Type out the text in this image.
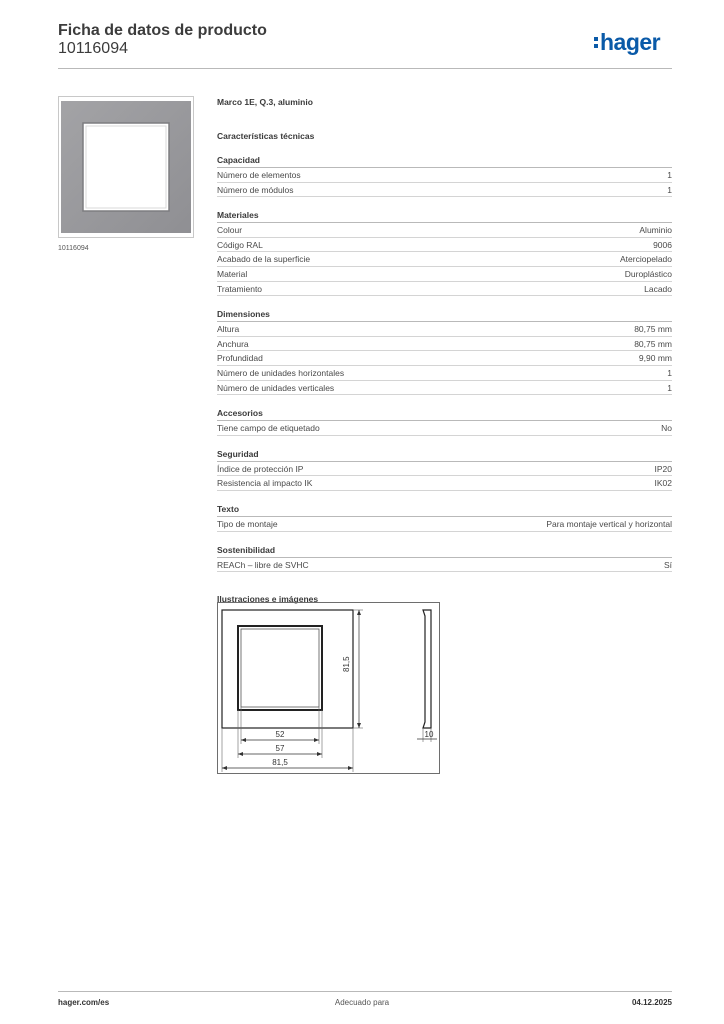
Ficha de datos de producto
10116094	hager
10116094
Marco 1E, Q.3, aluminio
Características técnicas
Capacidad
Número de elementos	1
Número de módulos	1
Materiales
Colour	Aluminio
Código RAL	9006
Acabado de la superficie	Aterciopelado
Material	Duroplástico
Tratamiento	Lacado
Dimensiones
Altura	80,75 mm
Anchura	80,75 mm
Profundidad	9,90 mm
Número de unidades horizontales	1
Número de unidades verticales	1
Accesorios
Tiene campo de etiquetado	No
Seguridad
Índice de protección IP	IP20
Resistencia al impacto IK	IK02
Texto
Tipo de montaje	Para montaje vertical y horizontal
Sostenibilidad
REACh – libre de SVHC	Sí
Ilustraciones e imágenes
81,5
52
57
81,5
10
hager.com/es	Adecuado para	04.12.2025
